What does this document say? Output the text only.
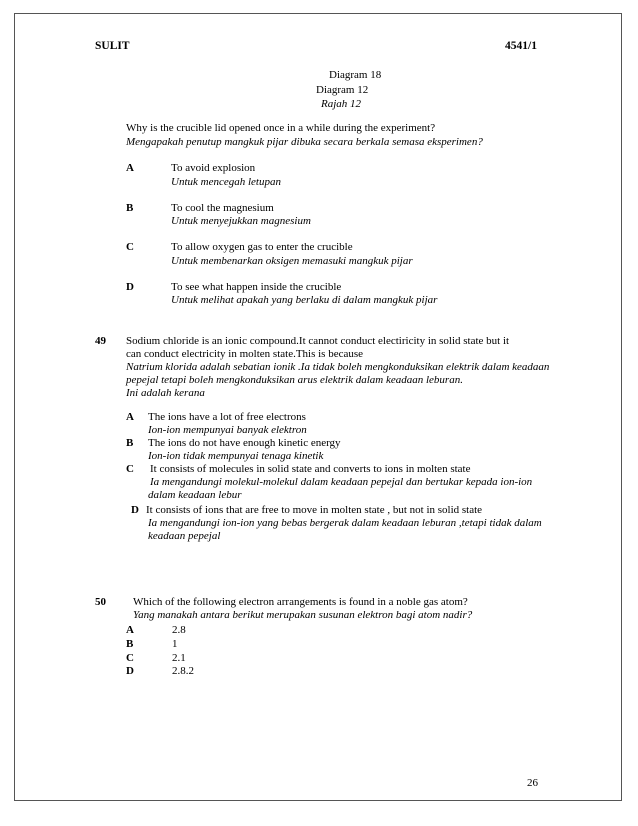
SULIT	4541/1
Diagram 18
Diagram 12
Rajah 12
Why is the crucible lid opened once in a while during the experiment?
Mengapakah penutup mangkuk pijar dibuka secara berkala semasa eksperimen?
A	To avoid explosion
Untuk mencegah letupan
B	To cool the magnesium
Untuk menyejukkan magnesium
C	To allow oxygen gas to enter the crucible
Untuk membenarkan oksigen memasuki mangkuk pijar
D	To see what happen inside the crucible
Untuk melihat apakah yang berlaku di dalam mangkuk pijar
49 Sodium chloride is an ionic compound.It cannot conduct electiricity in solid state but it
can conduct electricity in molten state.This is because
Natrium klorida adalah sebatian ionik .Ia tidak boleh mengkonduksikan elektrik dalam keadaan
pepejal tetapi boleh mengkonduksikan arus elektrik dalam keadaan leburan.
Ini adalah kerana
A The ions have a lot of free electrons
Ion-ion mempunyai banyak elektron
B The ions do not have enough kinetic energy
Ion-ion tidak mempunyai tenaga kinetik
C It consists of molecules in solid state and converts to ions in molten state
Ia mengandungi molekul-molekul dalam keadaan pepejal dan bertukar kepada ion-ion
dalam keadaan lebur
D It consists of ions that are free to move in molten state , but not in solid state
Ia mengandungi ion-ion yang bebas bergerak dalam keadaan leburan ,tetapi tidak dalam
keadaan pepejal
50 Which of the following electron arrangements is found in a noble gas atom?
Yang manakah antara berikut merupakan susunan elektron bagi atom nadir?
A	2.8
B	1
C	2.1
D	2.8.2
26
